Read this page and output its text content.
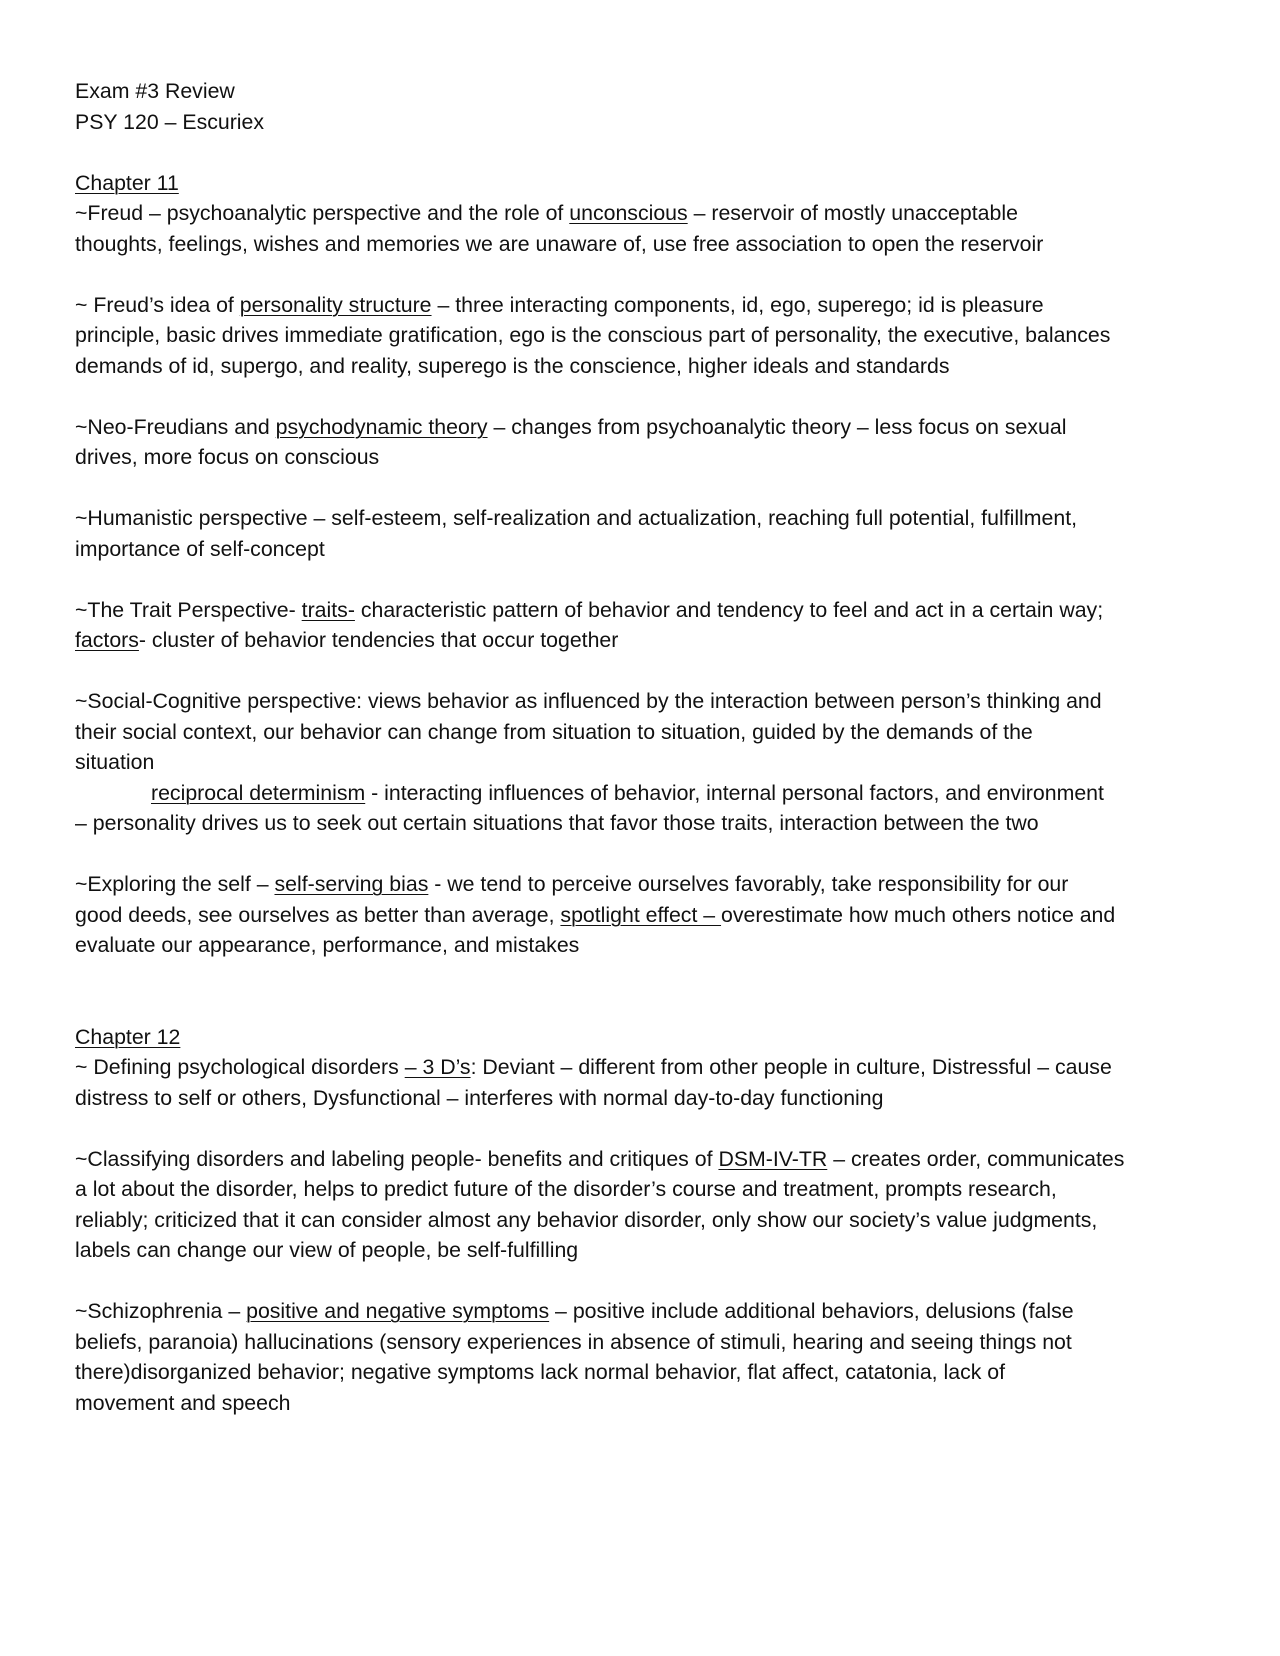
Exam #3 Review
PSY 120 – Escuriex
Chapter 11
~Freud – psychoanalytic perspective and the role of unconscious – reservoir of mostly unacceptable
thoughts, feelings, wishes and memories we are unaware of, use free association to open the reservoir
~ Freud’s idea of personality structure – three interacting components, id, ego, superego; id is pleasure
principle, basic drives immediate gratification, ego is the conscious part of personality, the executive, balances
demands of id, supergo, and reality, superego is the conscience, higher ideals and standards
~Neo-Freudians and psychodynamic theory – changes from psychoanalytic theory – less focus on sexual
drives, more focus on conscious
~Humanistic perspective – self-esteem, self-realization and actualization, reaching full potential, fulfillment,
importance of self-concept
~The Trait Perspective- traits- characteristic pattern of behavior and tendency to feel and act in a certain way;
factors- cluster of behavior tendencies that occur together
~Social-Cognitive perspective: views behavior as influenced by the interaction between person’s thinking and
their social context, our behavior can change from situation to situation, guided by the demands of the
situation
reciprocal determinism - interacting influences of behavior, internal personal factors, and environment
– personality drives us to seek out certain situations that favor those traits, interaction between the two
~Exploring the self – self-serving bias - we tend to perceive ourselves favorably, take responsibility for our
good deeds, see ourselves as better than average, spotlight effect – overestimate how much others notice and
evaluate our appearance, performance, and mistakes
Chapter 12
~ Defining psychological disorders – 3 D’s: Deviant – different from other people in culture, Distressful – cause
distress to self or others, Dysfunctional – interferes with normal day-to-day functioning
~Classifying disorders and labeling people- benefits and critiques of DSM-IV-TR – creates order, communicates
a lot about the disorder, helps to predict future of the disorder’s course and treatment, prompts research,
reliably; criticized that it can consider almost any behavior disorder, only show our society’s value judgments,
labels can change our view of people, be self-fulfilling
~Schizophrenia – positive and negative symptoms – positive include additional behaviors, delusions (false
beliefs, paranoia) hallucinations (sensory experiences in absence of stimuli, hearing and seeing things not
there)disorganized behavior; negative symptoms lack normal behavior, flat affect, catatonia, lack of
movement and speech
